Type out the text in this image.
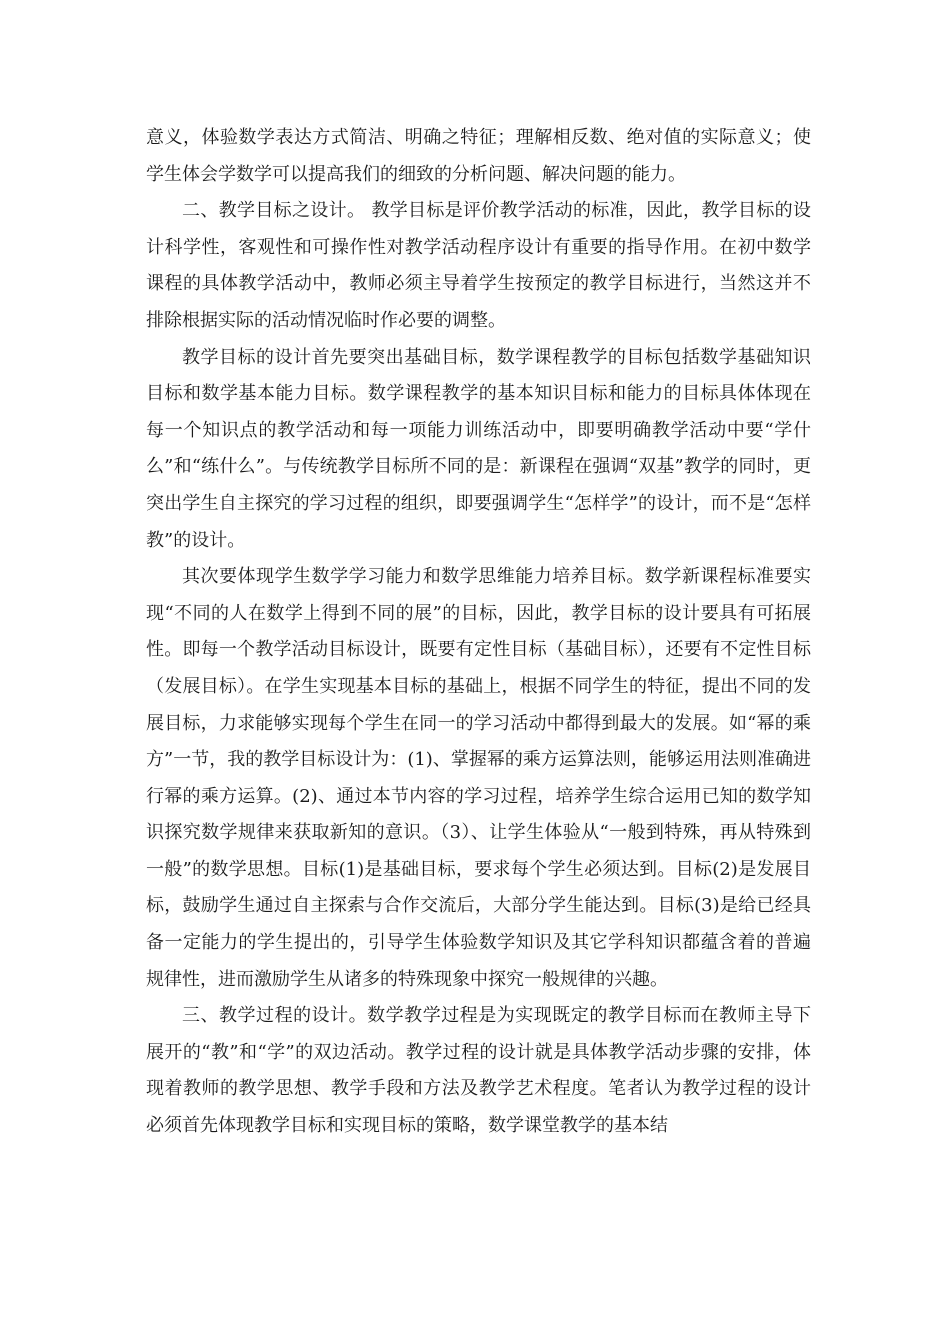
意义，体验数学表达方式简洁、明确之特征；理解相反数、绝对值的实际意义；使学生体会学数学可以提高我们的细致的分析问题、解决问题的能力。

二、教学目标之设计。 教学目标是评价教学活动的标准，因此，教学目标的设计科学性，客观性和可操作性对教学活动程序设计有重要的指导作用。在初中数学课程的具体教学活动中，教师必须主导着学生按预定的教学目标进行，当然这并不排除根据实际的活动情况临时作必要的调整。

教学目标的设计首先要突出基础目标，数学课程教学的目标包括数学基础知识目标和数学基本能力目标。数学课程教学的基本知识目标和能力的目标具体体现在每一个知识点的教学活动和每一项能力训练活动中，即要明确教学活动中要“学什么”和“练什么”。与传统教学目标所不同的是：新课程在强调“双基”教学的同时，更突出学生自主探究的学习过程的组织，即要强调学生“怎样学”的设计，而不是“怎样教”的设计。

其次要体现学生数学学习能力和数学思维能力培养目标。数学新课程标准要实现“不同的人在数学上得到不同的展”的目标，因此，教学目标的设计要具有可拓展性。即每一个教学活动目标设计，既要有定性目标（基础目标），还要有不定性目标（发展目标）。在学生实现基本目标的基础上，根据不同学生的特征，提出不同的发展目标，力求能够实现每个学生在同一的学习活动中都得到最大的发展。如“幂的乘方”一节，我的教学目标设计为：(1)、掌握幂的乘方运算法则，能够运用法则准确进行幂的乘方运算。(2)、通过本节内容的学习过程，培养学生综合运用已知的数学知识探究数学规律来获取新知的意识。（3）、让学生体验从“一般到特殊，再从特殊到一般”的数学思想。目标(1)是基础目标，要求每个学生必须达到。目标(2)是发展目标，鼓励学生通过自主探索与合作交流后，大部分学生能达到。目标(3)是给已经具备一定能力的学生提出的，引导学生体验数学知识及其它学科知识都蕴含着的普遍规律性，进而激励学生从诸多的特殊现象中探究一般规律的兴趣。

三、教学过程的设计。数学教学过程是为实现既定的教学目标而在教师主导下展开的“教”和“学”的双边活动。教学过程的设计就是具体教学活动步骤的安排，体现着教师的教学思想、教学手段和方法及教学艺术程度。笔者认为教学过程的设计必须首先体现教学目标和实现目标的策略，数学课堂教学的基本结
